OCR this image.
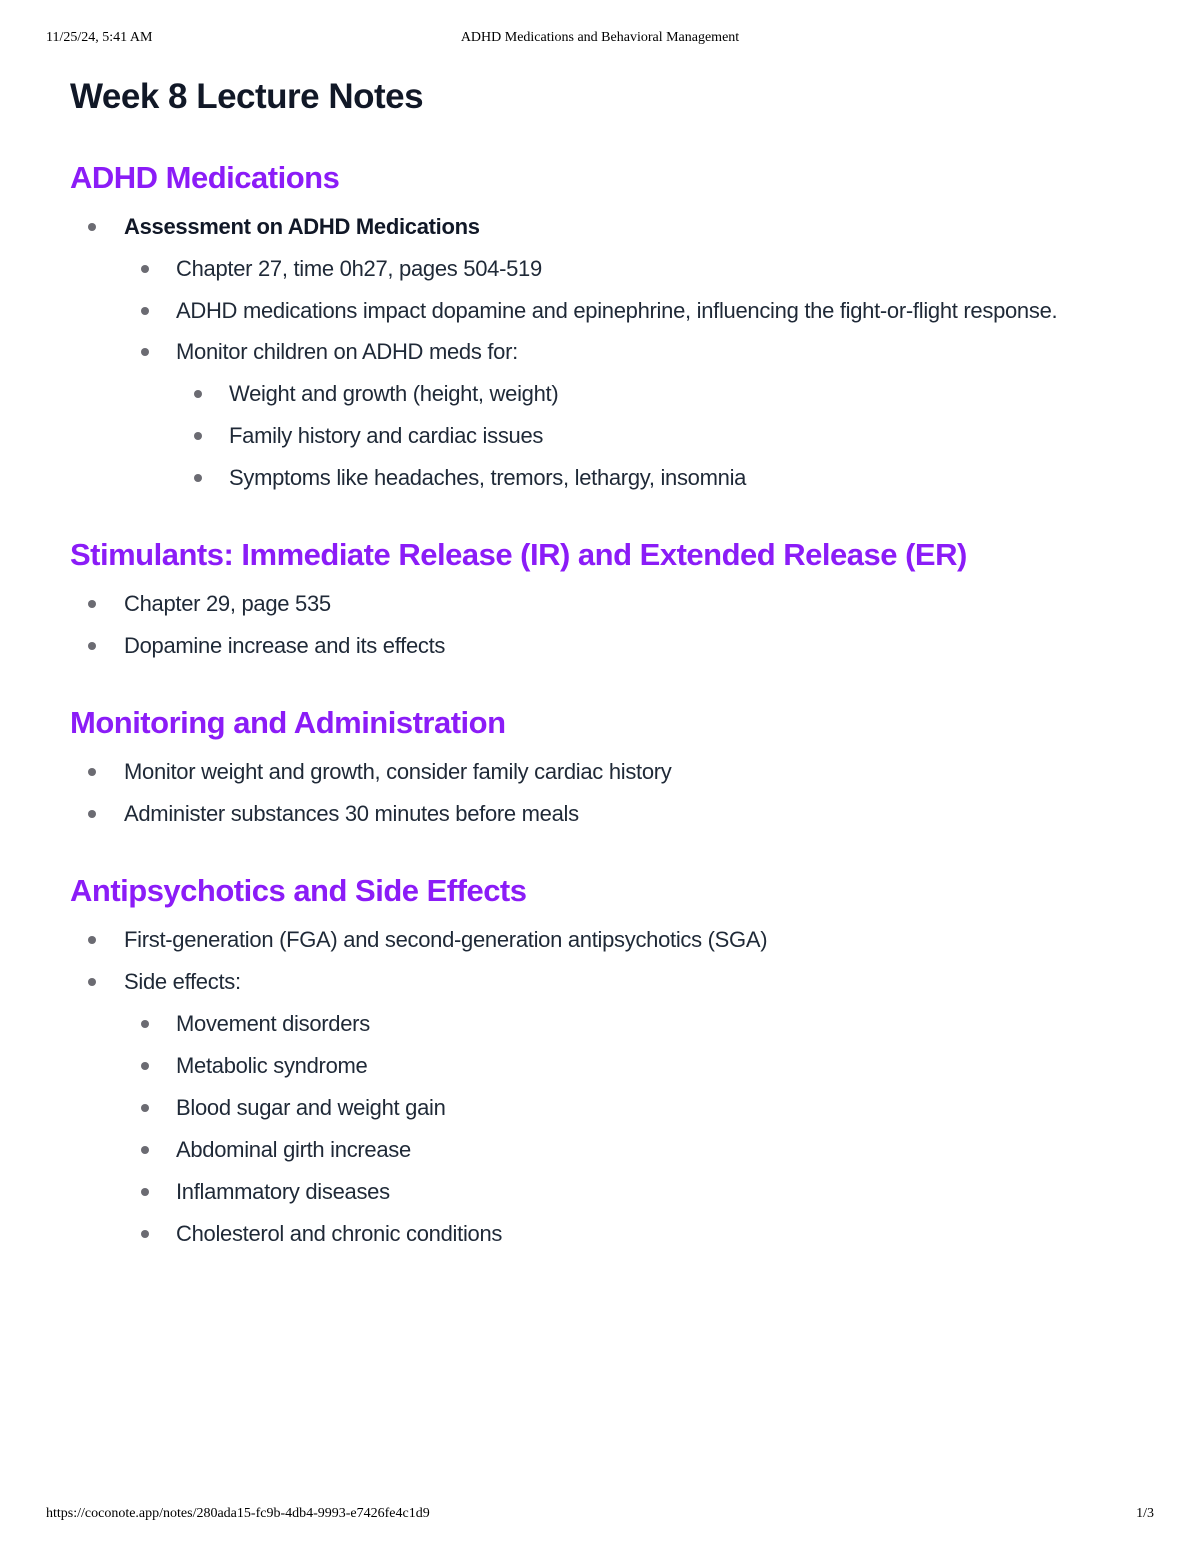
11/25/24, 5:41 AM	ADHD Medications and Behavioral Management
Week 8 Lecture Notes
ADHD Medications
Assessment on ADHD Medications
Chapter 27, time 0h27, pages 504-519
ADHD medications impact dopamine and epinephrine, influencing the fight-or-flight response.
Monitor children on ADHD meds for:
Weight and growth (height, weight)
Family history and cardiac issues
Symptoms like headaches, tremors, lethargy, insomnia
Stimulants: Immediate Release (IR) and Extended Release (ER)
Chapter 29, page 535
Dopamine increase and its effects
Monitoring and Administration
Monitor weight and growth, consider family cardiac history
Administer substances 30 minutes before meals
Antipsychotics and Side Effects
First-generation (FGA) and second-generation antipsychotics (SGA)
Side effects:
Movement disorders
Metabolic syndrome
Blood sugar and weight gain
Abdominal girth increase
Inflammatory diseases
Cholesterol and chronic conditions
https://coconote.app/notes/280ada15-fc9b-4db4-9993-e7426fe4c1d9	1/3
